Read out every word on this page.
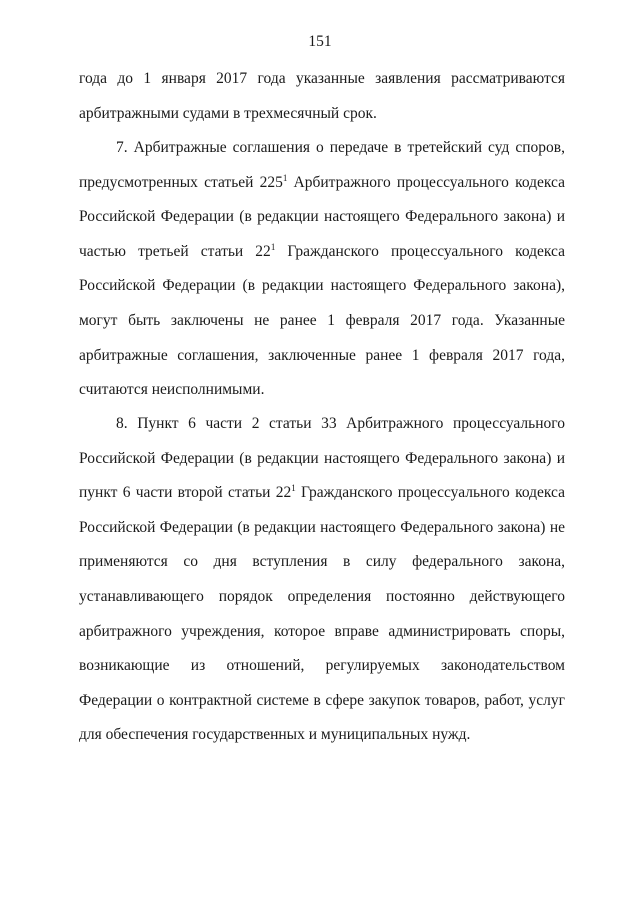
151
года до 1 января 2017 года указанные заявления рассматриваются
арбитражными судами в трехмесячный срок.
7. Арбитражные соглашения о передаче в третейский суд споров,
предусмотренных статьей $225^1$ Арбитражного процессуального кодекса
Российской Федерации (в редакции настоящего Федерального закона) и
частью третьей статьи $22^1$ Гражданского процессуального кодекса
Российской Федерации (в редакции настоящего Федерального закона),
могут быть заключены не ранее 1 февраля 2017 года. Указанные
арбитражные соглашения, заключенные ранее 1 февраля 2017 года,
считаются неисполнимыми.
8. Пункт 6 части 2 статьи 33 Арбитражного процессуального
Российской Федерации (в редакции настоящего Федерального закона) и
пункт 6 части второй статьи $22^1$ Гражданского процессуального кодекса
Российской Федерации (в редакции настоящего Федерального закона) не
применяются со дня вступления в силу федерального закона,
устанавливающего порядок определения постоянно действующего
арбитражного учреждения, которое вправе администрировать споры,
возникающие из отношений, регулируемых законодательством
Федерации о контрактной системе в сфере закупок товаров, работ, услуг
для обеспечения государственных и муниципальных нужд.
